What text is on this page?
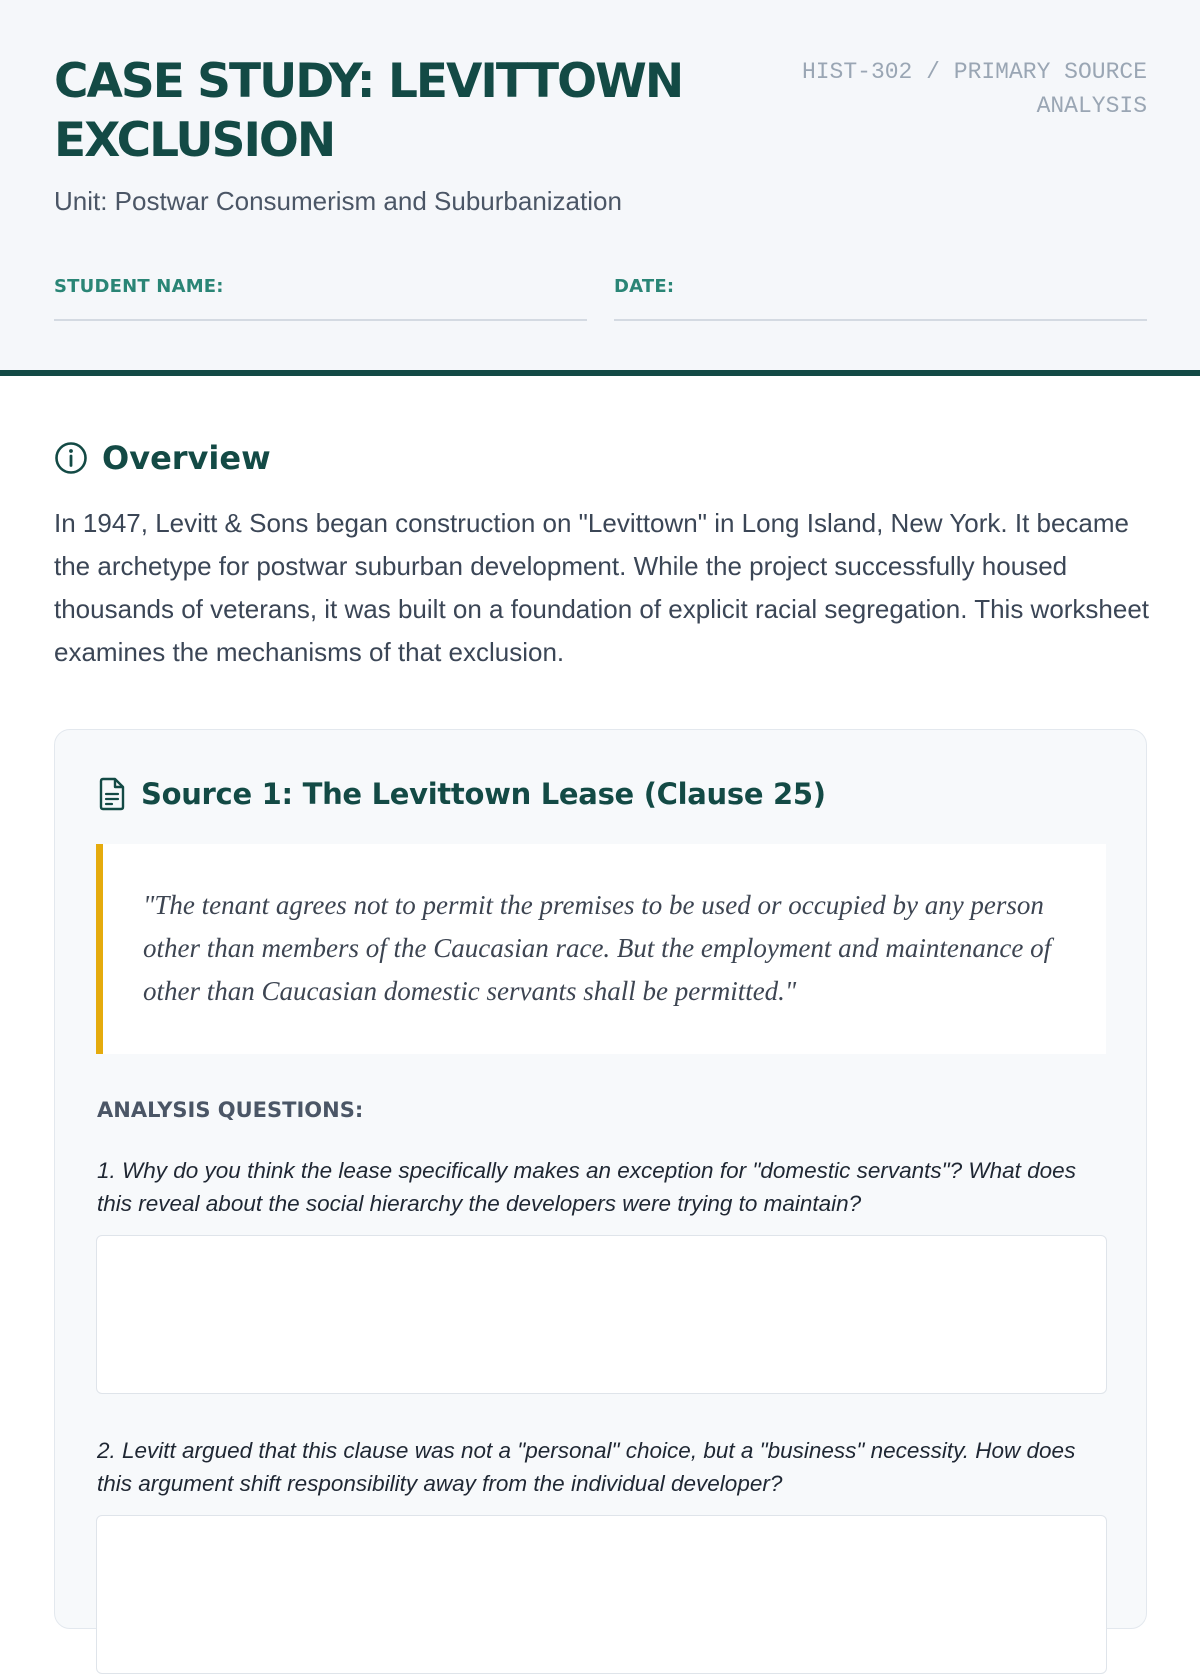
CASE STUDY: LEVITTOWN EXCLUSION
HIST-302 / PRIMARY SOURCE ANALYSIS
Unit: Postwar Consumerism and Suburbanization
STUDENT NAME:	DATE:
Overview

In 1947, Levitt & Sons began construction on "Levittown" in Long Island, New York. It became the archetype for postwar suburban development. While the project successfully housed thousands of veterans, it was built on a foundation of explicit racial segregation. This worksheet examines the mechanisms of that exclusion.

Source 1: The Levittown Lease (Clause 25)
"The tenant agrees not to permit the premises to be used or occupied by any person other than members of the Caucasian race. But the employment and maintenance of other than Caucasian domestic servants shall be permitted."
ANALYSIS QUESTIONS:

1. Why do you think the lease specifically makes an exception for "domestic servants"? What does this reveal about the social hierarchy the developers were trying to maintain?

2. Levitt argued that this clause was not a "personal" choice, but a "business" necessity. How does this argument shift responsibility away from the individual developer?
